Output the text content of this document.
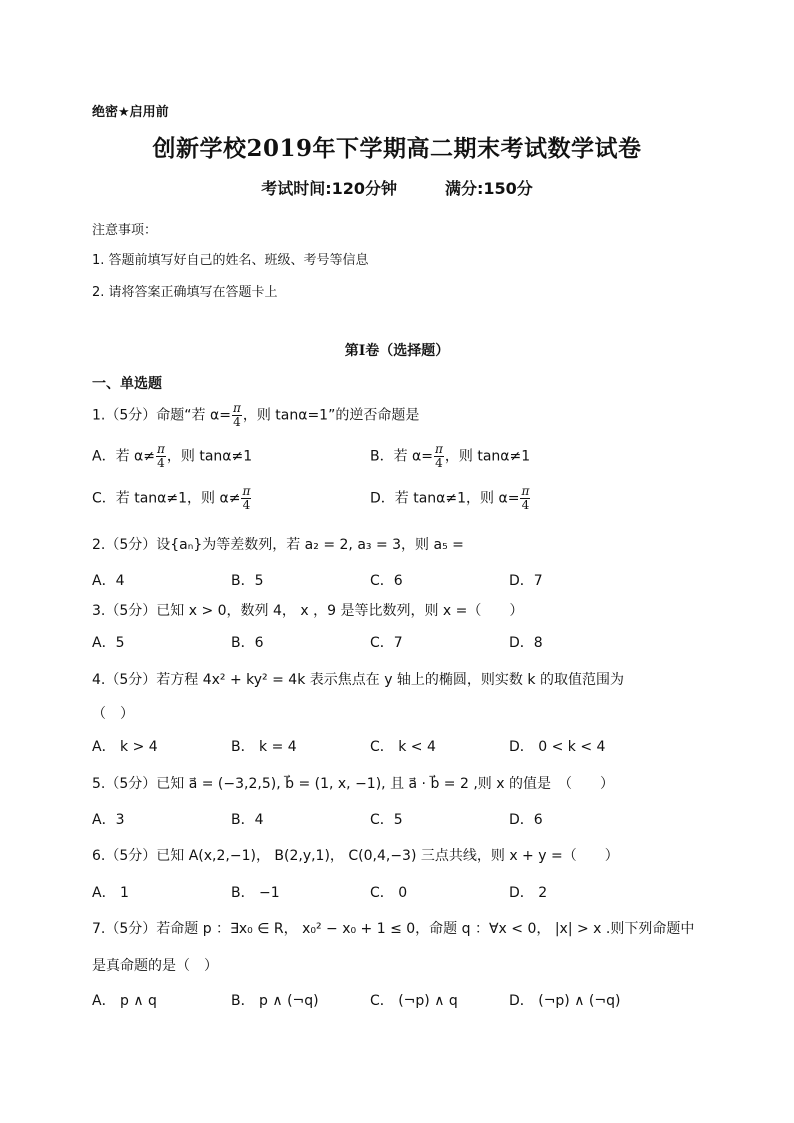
绝密★启用前
创新学校2019年下学期高二期末考试数学试卷
考试时间:120分钟	满分:150分
注意事项：
1. 答题前填写好自己的姓名、班级、考号等信息
2. 请将答案正确填写在答题卡上
第I卷（选择题）
一、单选题
1.（5分）命题“若 $\alpha= \frac{\pi}{4}$ ，则 tanα=1”的逆否命题是
A．若 $\alpha\ne \frac{\pi}{4}$ ，则 tanα≠1	B．若 $\alpha= \frac{\pi}{4}$ ，则 tanα≠1
C．若 tanα≠1，则 $\alpha\ne \frac{\pi}{4}$	D．若 tanα≠1，则 $\alpha= \frac{\pi}{4}$
2.（5分）设{aₙ}为等差数列，若 a₂ = 2, a₃ = 3，则 a₅ =
A．4	B．5	C．6	D．7
3.（5分）已知 x > 0，数列 4， x ，9 是等比数列，则 x =（　　）
A．5	B．6	C．7	D．8
4.（5分）若方程 4x² + ky² = 4k 表示焦点在 y 轴上的椭圆，则实数 k 的取值范围为
（　）
A． k > 4	B． k = 4	C． k < 4	D． 0 < k < 4
5.（5分）已知 a⃗ = (−3,2,5), b⃗ = (1, x, −1), 且 a⃗ · b⃗ = 2 ,则 x 的值是　（　　）
A．3	B．4	C．5	D．6
6.（5分）已知 A(x,2,−1)， B(2,y,1)， C(0,4,−3) 三点共线，则 x + y =（　　）
A． 1	B． −1	C． 0	D． 2
7.（5分）若命题 p ：∃x₀ ∈ R， x₀² − x₀ + 1 ≤ 0，命题 q ：∀x < 0， |x| > x .则下列命题中
是真命题的是（　）
A． p ∧ q	B． p ∧ (¬q)	C． (¬p) ∧ q	D． (¬p) ∧ (¬q)
